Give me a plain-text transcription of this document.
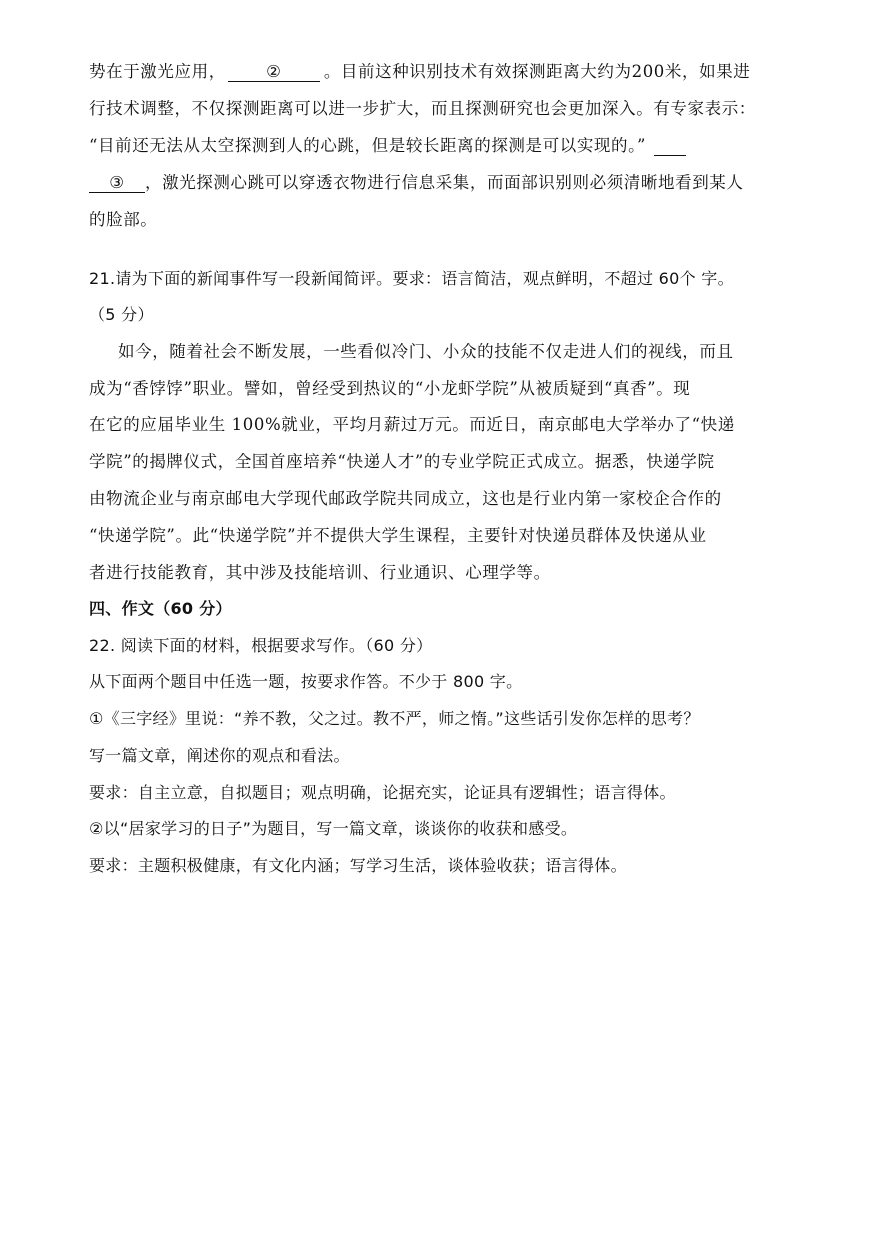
势在于激光应用， ②	。目前这种识别技术有效探测距离大约为200米，如果进
行技术调整，不仅探测距离可以进一步扩大，而且探测研究也会更加深入。有专家表示：
“目前还无法从太空探测到人的心跳，但是较长距离的探测是可以实现的。”
③ ，激光探测心跳可以穿透衣物进行信息采集，而面部识别则必须清晰地看到某人
的脸部。
21.请为下面的新闻事件写一段新闻简评。要求：语言简洁，观点鲜明，不超过 60个 字。
（5 分）
如今，随着社会不断发展，一些看似冷门、小众的技能不仅走进人们的视线，而且
成为“香饽饽”职业。譬如，曾经受到热议的“小龙虾学院”从被质疑到“真香”。现
在它的应届毕业生 100%就业，平均月薪过万元。而近日，南京邮电大学举办了“快递
学院”的揭牌仪式，全国首座培养“快递人才”的专业学院正式成立。据悉，快递学院
由物流企业与南京邮电大学现代邮政学院共同成立，这也是行业内第一家校企合作的
“快递学院”。此“快递学院”并不提供大学生课程，主要针对快递员群体及快递从业
者进行技能教育，其中涉及技能培训、行业通识、心理学等。
四、作文（60 分）
22. 阅读下面的材料，根据要求写作。（60 分）
从下面两个题目中任选一题，按要求作答。不少于 800 字。
①《三字经》里说：“养不教，父之过。教不严，师之惰。”这些话引发你怎样的思考？
写一篇文章，阐述你的观点和看法。
要求：自主立意，自拟题目；观点明确，论据充实，论证具有逻辑性；语言得体。
②以“居家学习的日子”为题目，写一篇文章，谈谈你的收获和感受。
要求：主题积极健康，有文化内涵；写学习生活，谈体验收获；语言得体。
